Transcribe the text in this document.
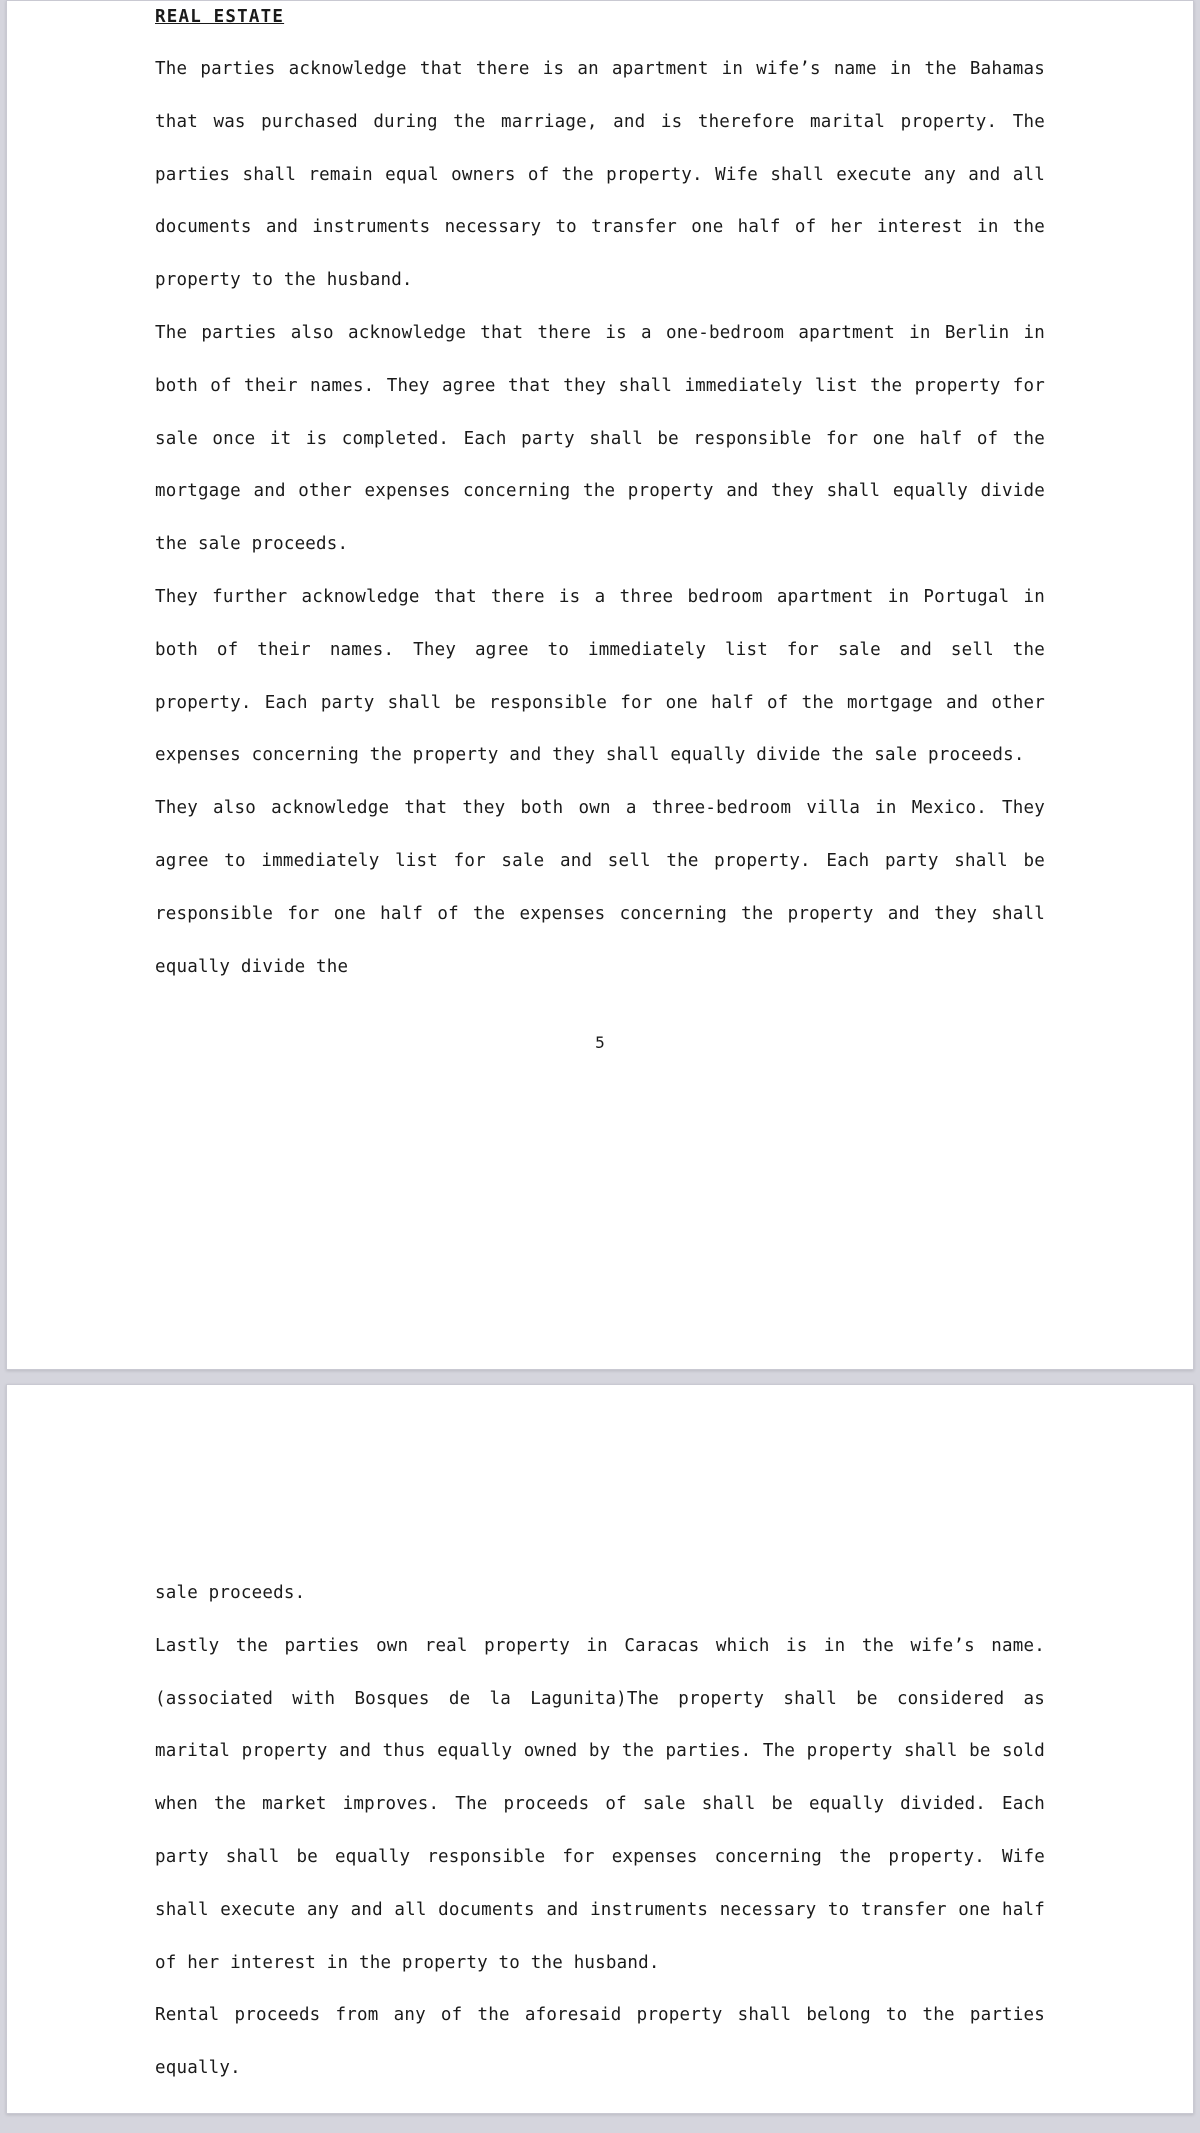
REAL ESTATE

The parties acknowledge that there is an apartment in wife’s name in the Bahamas that was purchased during the marriage, and is therefore marital property. The parties shall remain equal owners of the property. Wife shall execute any and all documents and instruments necessary to transfer one half of her interest in the property to the husband.

The parties also acknowledge that there is a one-bedroom apartment in Berlin in both of their names. They agree that they shall immediately list the property for sale once it is completed. Each party shall be responsible for one half of the mortgage and other expenses concerning the property and they shall equally divide the sale proceeds.

They further acknowledge that there is a three bedroom apartment in Portugal in both of their names. They agree to immediately list for sale and sell the property. Each party shall be responsible for one half of the mortgage and other expenses concerning the property and they shall equally divide the sale proceeds.

They also acknowledge that they both own a three-bedroom villa in Mexico. They agree to immediately list for sale and sell the property. Each party shall be responsible for one half of the expenses concerning the property and they shall equally divide the

5

sale proceeds.

Lastly the parties own real property in Caracas which is in the wife’s name. (associated with Bosques de la Lagunita)The property shall be considered as marital property and thus equally owned by the parties. The property shall be sold when the market improves. The proceeds of sale shall be equally divided. Each party shall be equally responsible for expenses concerning the property. Wife shall execute any and all documents and instruments necessary to transfer one half of her interest in the property to the husband.

Rental proceeds from any of the aforesaid property shall belong to the parties equally.
